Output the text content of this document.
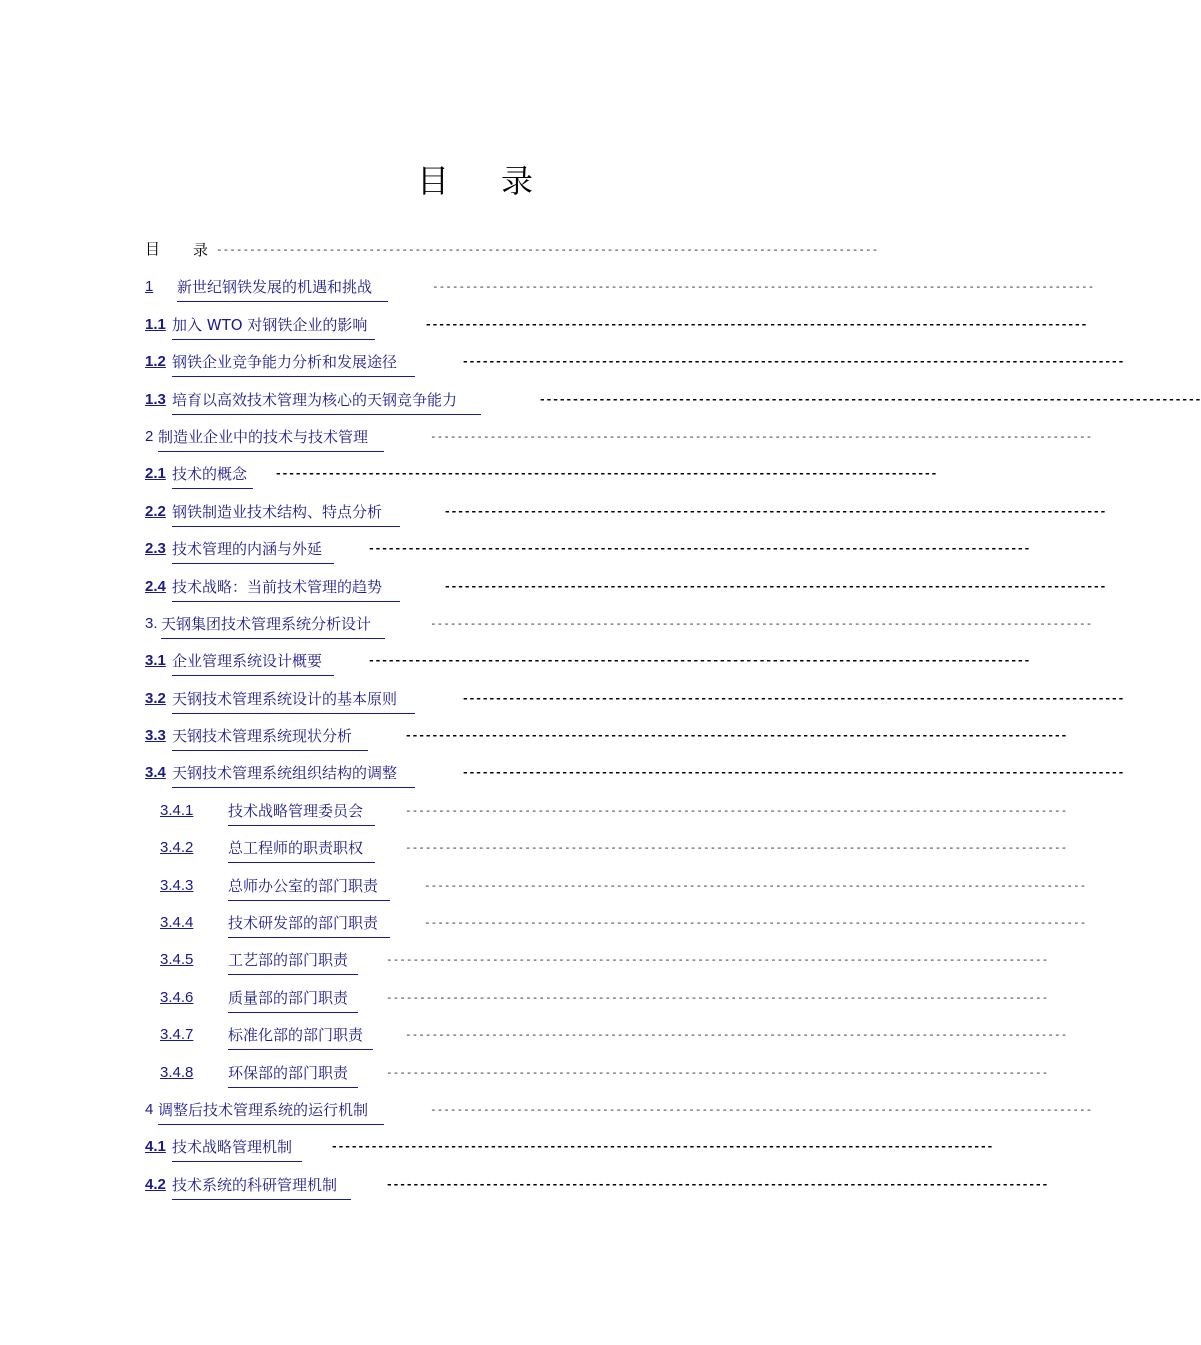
目 录
目 录 ----------------------------------------------------------------------------------------------------
1 新世纪钢铁发展的机遇和挑战	----------------------------------------------------------------------------------------------------
1.1 加入 WTO 对钢铁企业的影响	----------------------------------------------------------------------------------------------------
1.2 钢铁企业竞争能力分析和发展途径	----------------------------------------------------------------------------------------------------
1.3 培育以高效技术管理为核心的天钢竞争能力	----------------------------------------------------------------------------------------------------
2 制造业企业中的技术与技术管理	----------------------------------------------------------------------------------------------------
2.1 技术的概念	----------------------------------------------------------------------------------------------------
2.2 钢铁制造业技术结构、特点分析	----------------------------------------------------------------------------------------------------
2.3 技术管理的内涵与外延	----------------------------------------------------------------------------------------------------
2.4 技术战略：当前技术管理的趋势	----------------------------------------------------------------------------------------------------
3. 天钢集团技术管理系统分析设计	----------------------------------------------------------------------------------------------------
3.1 企业管理系统设计概要	----------------------------------------------------------------------------------------------------
3.2 天钢技术管理系统设计的基本原则	----------------------------------------------------------------------------------------------------
3.3 天钢技术管理系统现状分析	----------------------------------------------------------------------------------------------------
3.4 天钢技术管理系统组织结构的调整	----------------------------------------------------------------------------------------------------
3.4.1 技术战略管理委员会	----------------------------------------------------------------------------------------------------
3.4.2 总工程师的职责职权	----------------------------------------------------------------------------------------------------
3.4.3 总师办公室的部门职责	----------------------------------------------------------------------------------------------------
3.4.4 技术研发部的部门职责	----------------------------------------------------------------------------------------------------
3.4.5 工艺部的部门职责	----------------------------------------------------------------------------------------------------
3.4.6 质量部的部门职责	----------------------------------------------------------------------------------------------------
3.4.7 标准化部的部门职责	----------------------------------------------------------------------------------------------------
3.4.8 环保部的部门职责	----------------------------------------------------------------------------------------------------
4 调整后技术管理系统的运行机制	----------------------------------------------------------------------------------------------------
4.1 技术战略管理机制	----------------------------------------------------------------------------------------------------
4.2 技术系统的科研管理机制	----------------------------------------------------------------------------------------------------
